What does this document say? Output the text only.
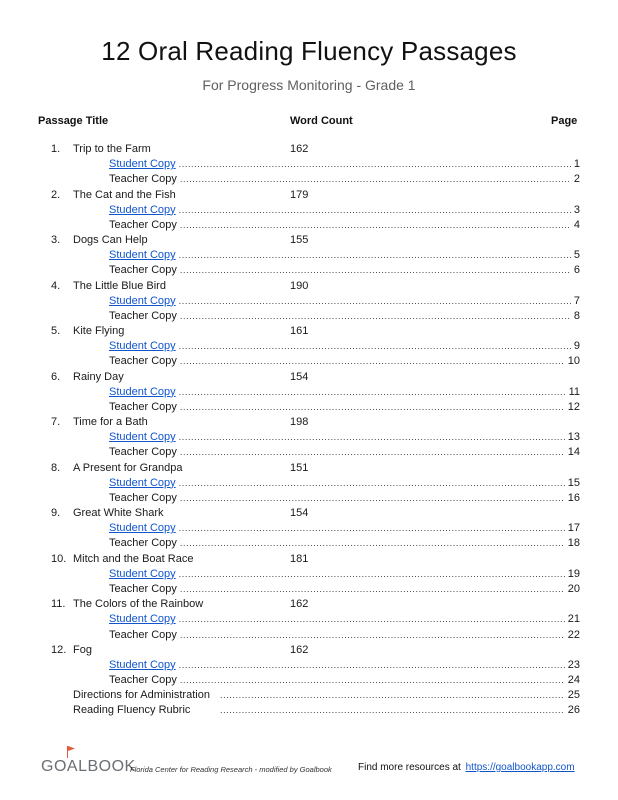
12 Oral Reading Fluency Passages
For Progress Monitoring - Grade 1
Passage Title	Word Count	Page
1. Trip to the Farm	162
Student Copy .....	1
Teacher Copy .....	2
2. The Cat and the Fish	179
Student Copy .....	3
Teacher Copy .....	4
3. Dogs Can Help	155
Student Copy .....	5
Teacher Copy .....	6
4. The Little Blue Bird	190
Student Copy .....	7
Teacher Copy .....	8
5. Kite Flying	161
Student Copy .....	9
Teacher Copy .....	10
6. Rainy Day	154
Student Copy .....	11
Teacher Copy .....	12
7. Time for a Bath	198
Student Copy .....	13
Teacher Copy .....	14
8. A Present for Grandpa	151
Student Copy .....	15
Teacher Copy .....	16
9. Great White Shark	154
Student Copy .....	17
Teacher Copy .....	18
10. Mitch and the Boat Race	181
Student Copy .....	19
Teacher Copy .....	20
11. The Colors of the Rainbow	162
Student Copy .....	21
Teacher Copy .....	22
12. Fog	162
Student Copy .....	23
Teacher Copy .....	24
Directions for Administration .....	25
Reading Fluency Rubric .....	26
GOALBOOK
Florida Center for Reading Research - modified by Goalbook	Find more resources at https://goalbookapp.com
